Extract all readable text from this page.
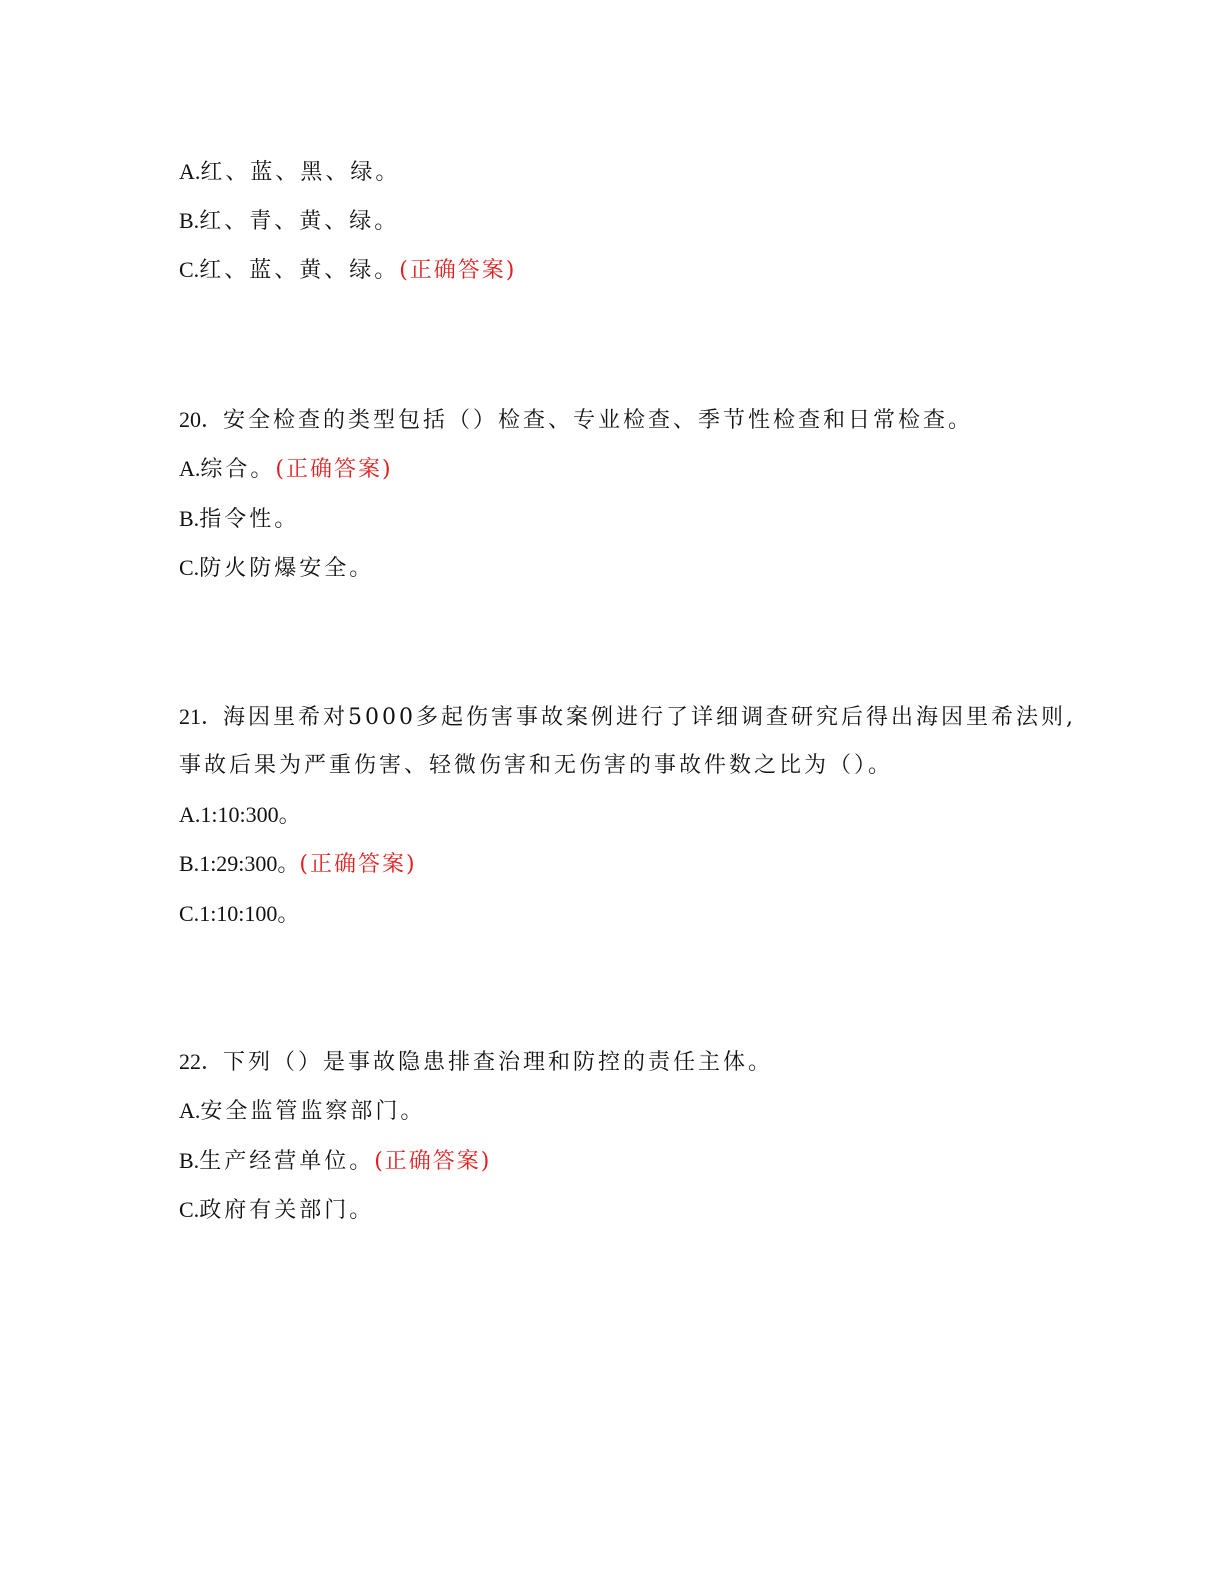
A.红、蓝、黑、绿。
B.红、青、黄、绿。
C.红、蓝、黄、绿。(正确答案)
20．安全检查的类型包括（）检查、专业检查、季节性检查和日常检查。
A.综合。(正确答案)
B.指令性。
C.防火防爆安全。
21．海因里希对5000多起伤害事故案例进行了详细调查研究后得出海因里希法则,
事故后果为严重伤害、轻微伤害和无伤害的事故件数之比为（）。
A.1:10:300。
B.1:29:300。(正确答案)
C.1:10:100。
22．下列（）是事故隐患排查治理和防控的责任主体。
A.安全监管监察部门。
B.生产经营单位。(正确答案)
C.政府有关部门。
